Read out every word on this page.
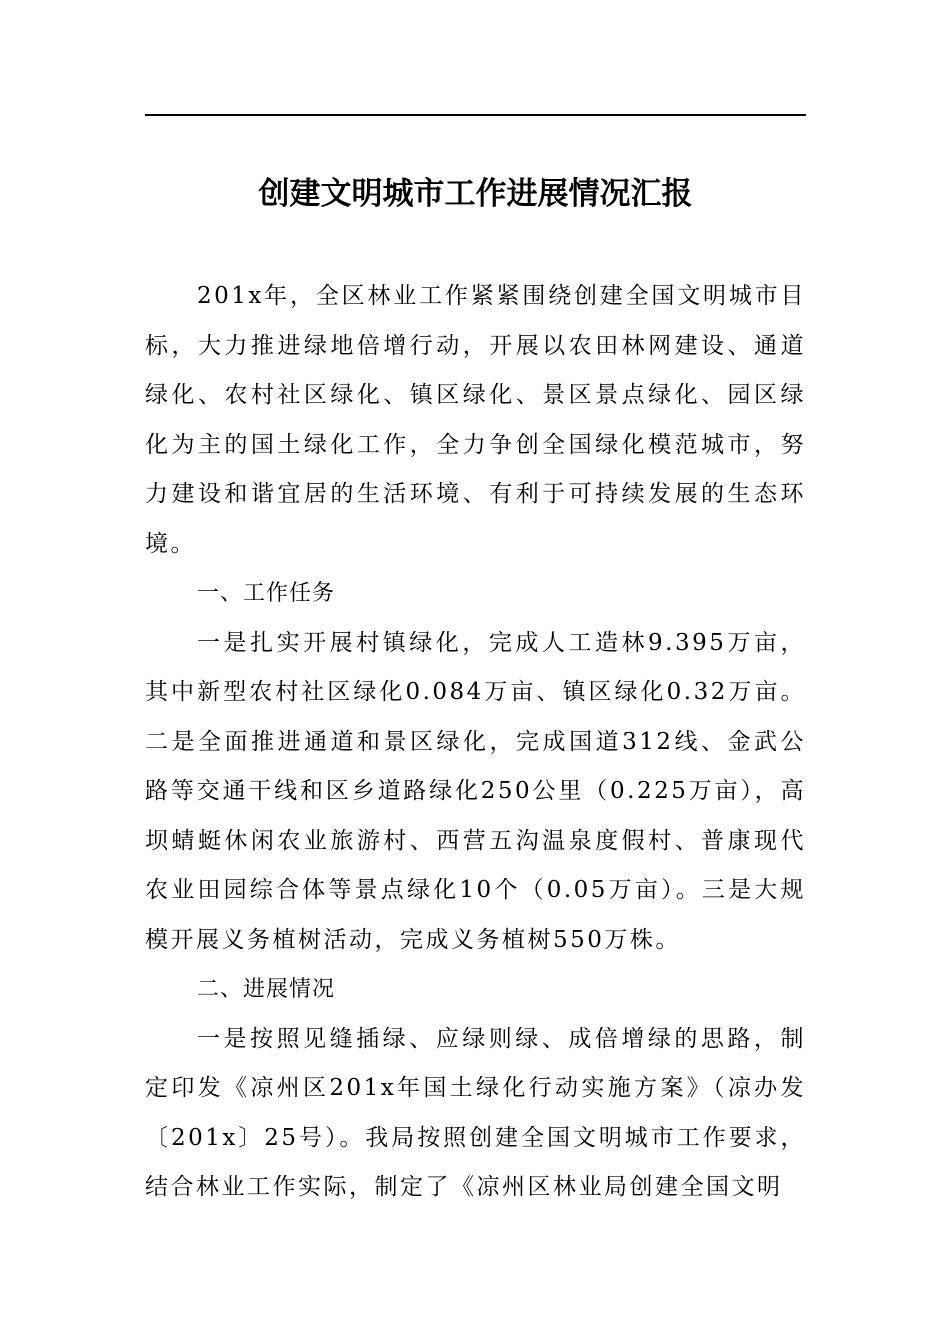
创建文明城市工作进展情况汇报

201x年，全区林业工作紧紧围绕创建全国文明城市目标，大力推进绿地倍增行动，开展以农田林网建设、通道绿化、农村社区绿化、镇区绿化、景区景点绿化、园区绿化为主的国土绿化工作，全力争创全国绿化模范城市，努力建设和谐宜居的生活环境、有利于可持续发展的生态环境。

一、工作任务

一是扎实开展村镇绿化，完成人工造林9.395万亩，其中新型农村社区绿化0.084万亩、镇区绿化0.32万亩。二是全面推进通道和景区绿化，完成国道312线、金武公路等交通干线和区乡道路绿化250公里（0.225万亩），高坝蜻蜓休闲农业旅游村、西营五沟温泉度假村、普康现代农业田园综合体等景点绿化10个（0.05万亩）。三是大规模开展义务植树活动，完成义务植树550万株。

二、进展情况

一是按照见缝插绿、应绿则绿、成倍增绿的思路，制定印发《凉州区201x年国土绿化行动实施方案》（凉办发〔201x〕25号）。我局按照创建全国文明城市工作要求，结合林业工作实际，制定了《凉州区林业局创建全国文明
